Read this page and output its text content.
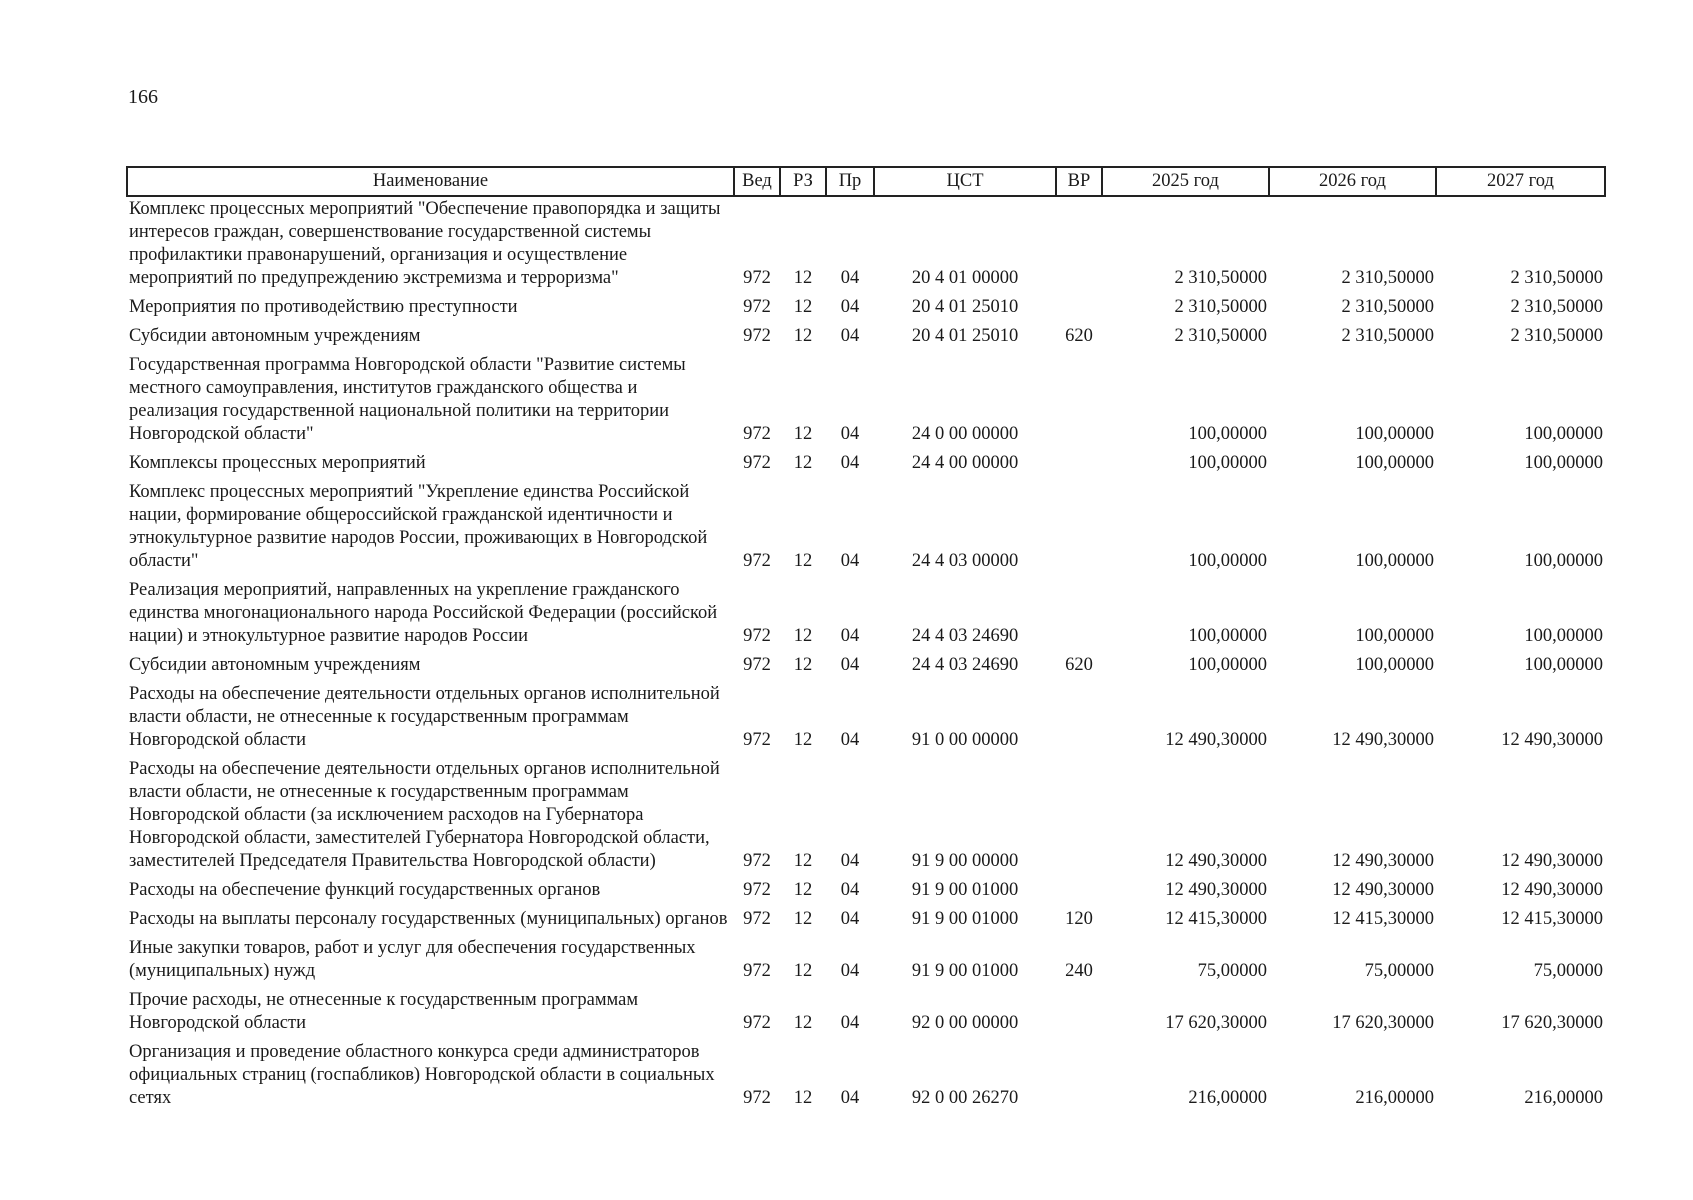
166
Наименование	Вед	РЗ	Пр	ЦСТ	ВР	2025 год	2026 год	2027 год
Комплекс процессных мероприятий "Обеспечение правопорядка и защиты интересов граждан, совершенствование государственной системы профилактики правонарушений, организация и осуществление мероприятий по предупреждению экстремизма и терроризма"	972	12	04	20 4 01 00000		2 310,50000	2 310,50000	2 310,50000
Мероприятия по противодействию преступности	972	12	04	20 4 01 25010		2 310,50000	2 310,50000	2 310,50000
Субсидии автономным учреждениям	972	12	04	20 4 01 25010	620	2 310,50000	2 310,50000	2 310,50000
Государственная программа Новгородской области "Развитие системы местного самоуправления, институтов гражданского общества и реализация государственной национальной политики на территории Новгородской области"	972	12	04	24 0 00 00000		100,00000	100,00000	100,00000
Комплексы процессных мероприятий	972	12	04	24 4 00 00000		100,00000	100,00000	100,00000
Комплекс процессных мероприятий "Укрепление единства Российской нации, формирование общероссийской гражданской идентичности и этнокультурное развитие народов России, проживающих в Новгородской области"	972	12	04	24 4 03 00000		100,00000	100,00000	100,00000
Реализация мероприятий, направленных на укрепление гражданского единства многонационального народа Российской Федерации (российской нации) и этнокультурное развитие народов России	972	12	04	24 4 03 24690		100,00000	100,00000	100,00000
Субсидии автономным учреждениям	972	12	04	24 4 03 24690	620	100,00000	100,00000	100,00000
Расходы на обеспечение деятельности отдельных органов исполнительной власти области, не отнесенные к государственным программам Новгородской области	972	12	04	91 0 00 00000		12 490,30000	12 490,30000	12 490,30000
Расходы на обеспечение деятельности отдельных органов исполнительной власти области, не отнесенные к государственным программам Новгородской области (за исключением расходов на Губернатора Новгородской области, заместителей Губернатора Новгородской области, заместителей Председателя Правительства Новгородской области)	972	12	04	91 9 00 00000		12 490,30000	12 490,30000	12 490,30000
Расходы на обеспечение функций государственных органов	972	12	04	91 9 00 01000		12 490,30000	12 490,30000	12 490,30000
Расходы на выплаты персоналу государственных (муниципальных) органов	972	12	04	91 9 00 01000	120	12 415,30000	12 415,30000	12 415,30000
Иные закупки товаров, работ и услуг для обеспечения государственных (муниципальных) нужд	972	12	04	91 9 00 01000	240	75,00000	75,00000	75,00000
Прочие расходы, не отнесенные к государственным программам Новгородской области	972	12	04	92 0 00 00000		17 620,30000	17 620,30000	17 620,30000
Организация и проведение областного конкурса среди администраторов официальных страниц (госпабликов) Новгородской области в социальных сетях	972	12	04	92 0 00 26270		216,00000	216,00000	216,00000
